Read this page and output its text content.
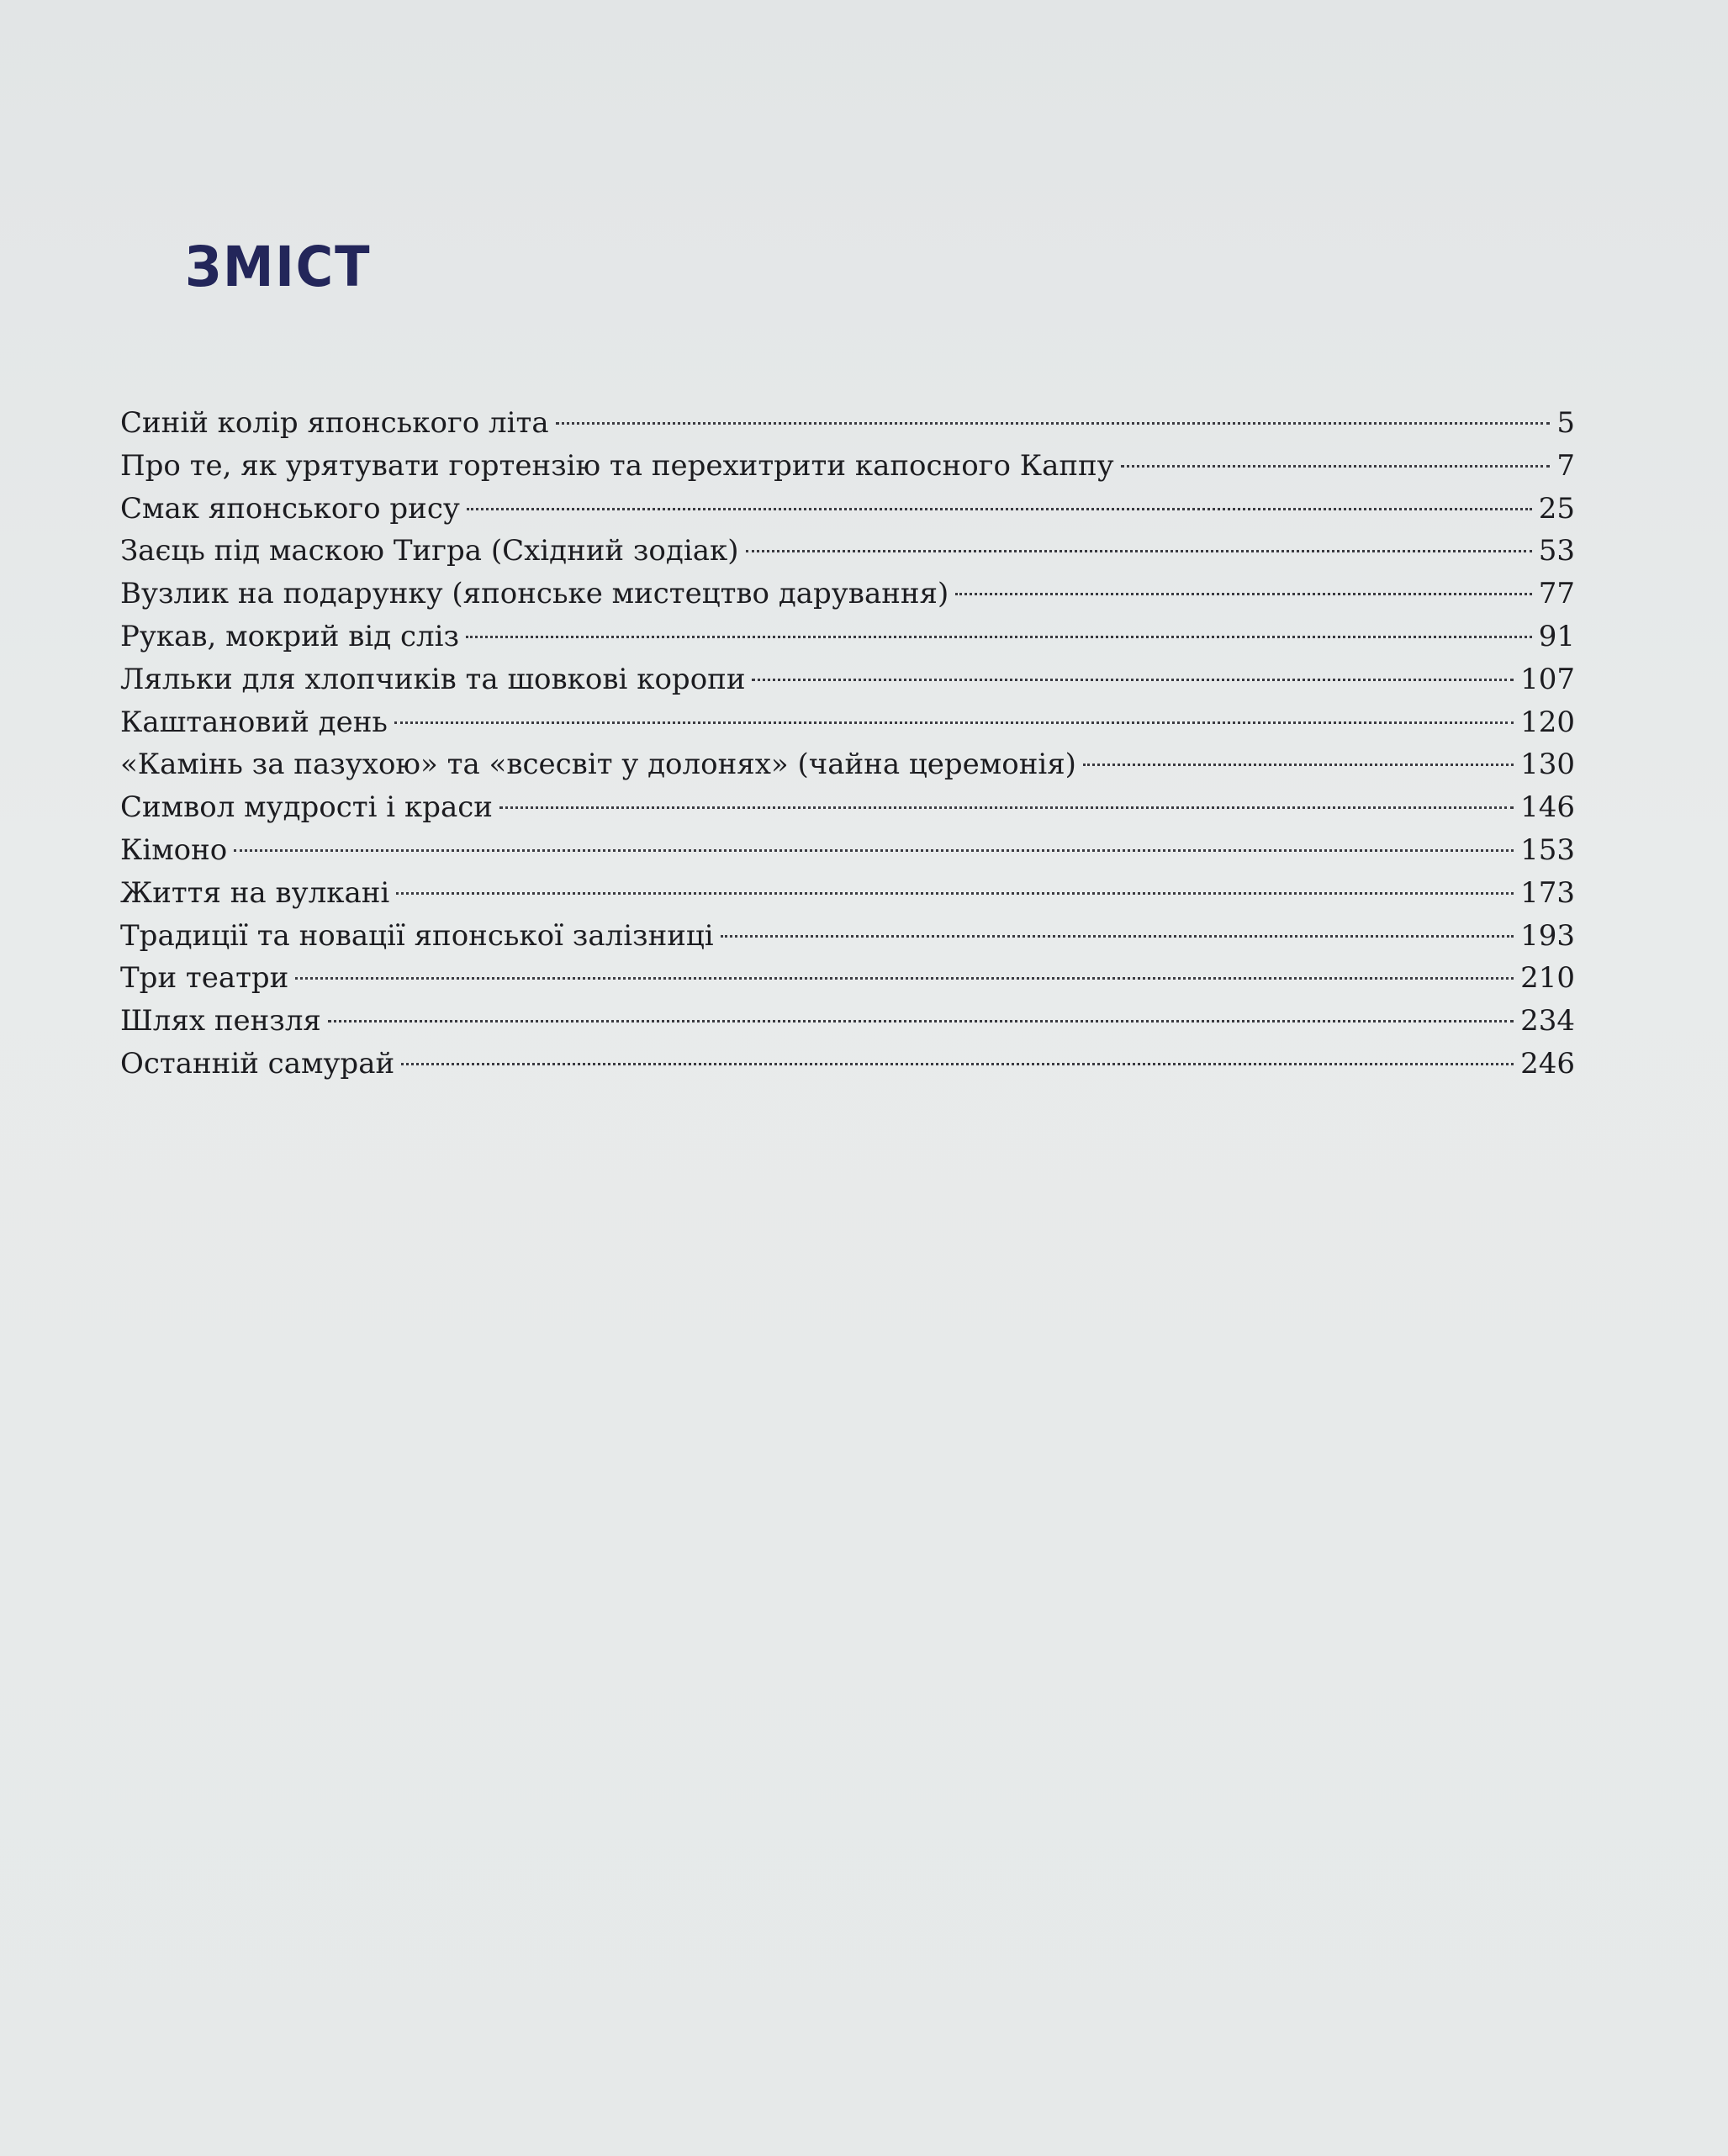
ЗМІСТ
Синій колір японського літа	5
Про те, як урятувати гортензію та перехитрити капосного Каппу	7
Смак японського рису	25
Заєць під маскою Тигра (Східний зодіак)	53
Вузлик на подарунку (японське мистецтво дарування)	77
Рукав, мокрий від сліз	91
Ляльки для хлопчиків та шовкові коропи	107
Каштановий день	120
«Камінь за пазухою» та «всесвіт у долонях» (чайна церемонія)	130
Символ мудрості і краси	146
Кімоно	153
Життя на вулкані	173
Традиції та новації японської залізниці	193
Три театри	210
Шлях пензля	234
Останній самурай	246
